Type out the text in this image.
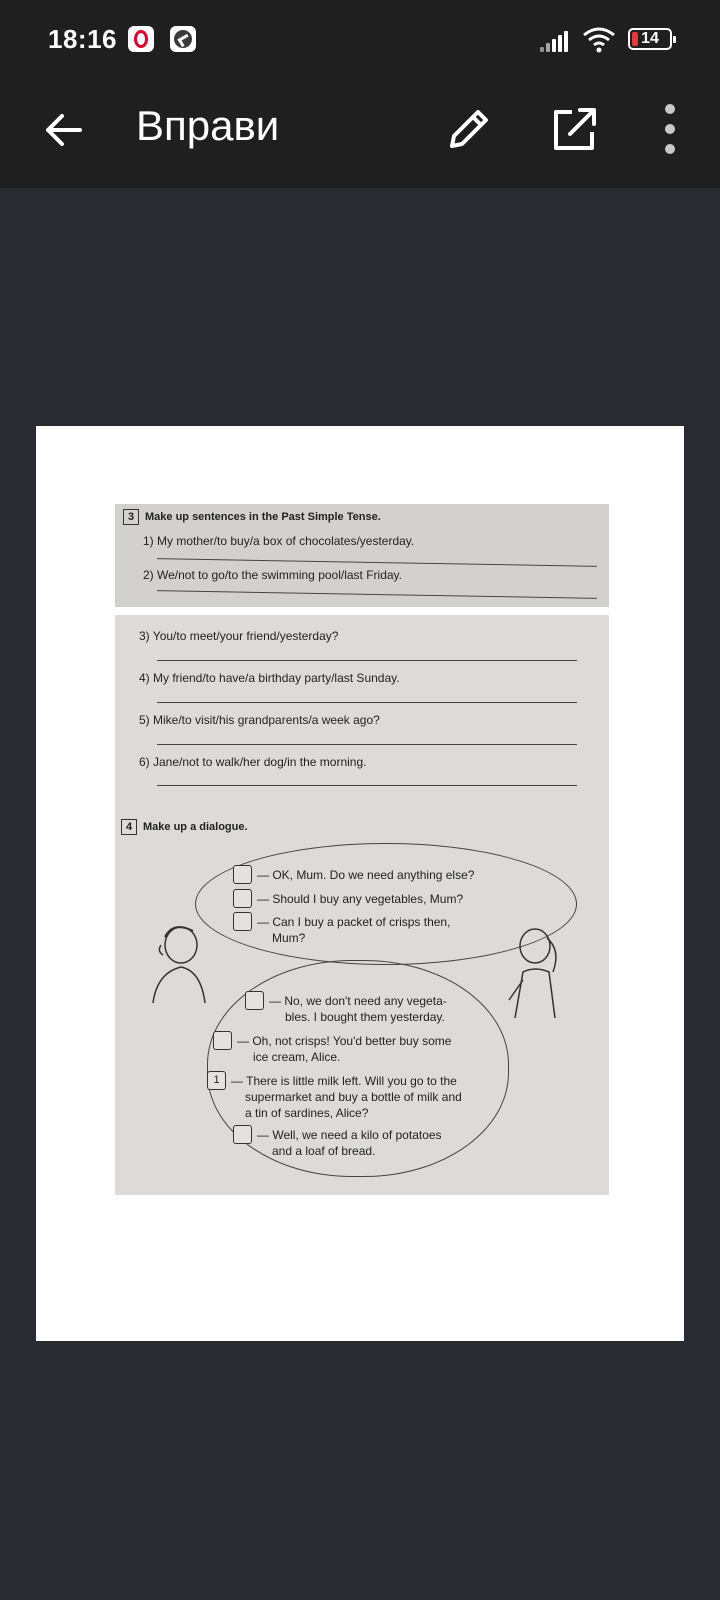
18:16	14
Вправи
3 Make up sentences in the Past Simple Tense.
1) My mother/to buy/a box of chocolates/yesterday.
2) We/not to go/to the swimming pool/last Friday.
3) You/to meet/your friend/yesterday?
4) My friend/to have/a birthday party/last Sunday.
5) Mike/to visit/his grandparents/a week ago?
6) Jane/not to walk/her dog/in the morning.
4 Make up a dialogue.
— OK, Mum. Do we need anything else?
— Should I buy any vegetables, Mum?
— Can I buy a packet of crisps then,
Mum?
— No, we don't need any vegeta-
bles. I bought them yesterday.
— Oh, not crisps! You'd better buy some
ice cream, Alice.
1 — There is little milk left. Will you go to the
supermarket and buy a bottle of milk and
a tin of sardines, Alice?
— Well, we need a kilo of potatoes
and a loaf of bread.
